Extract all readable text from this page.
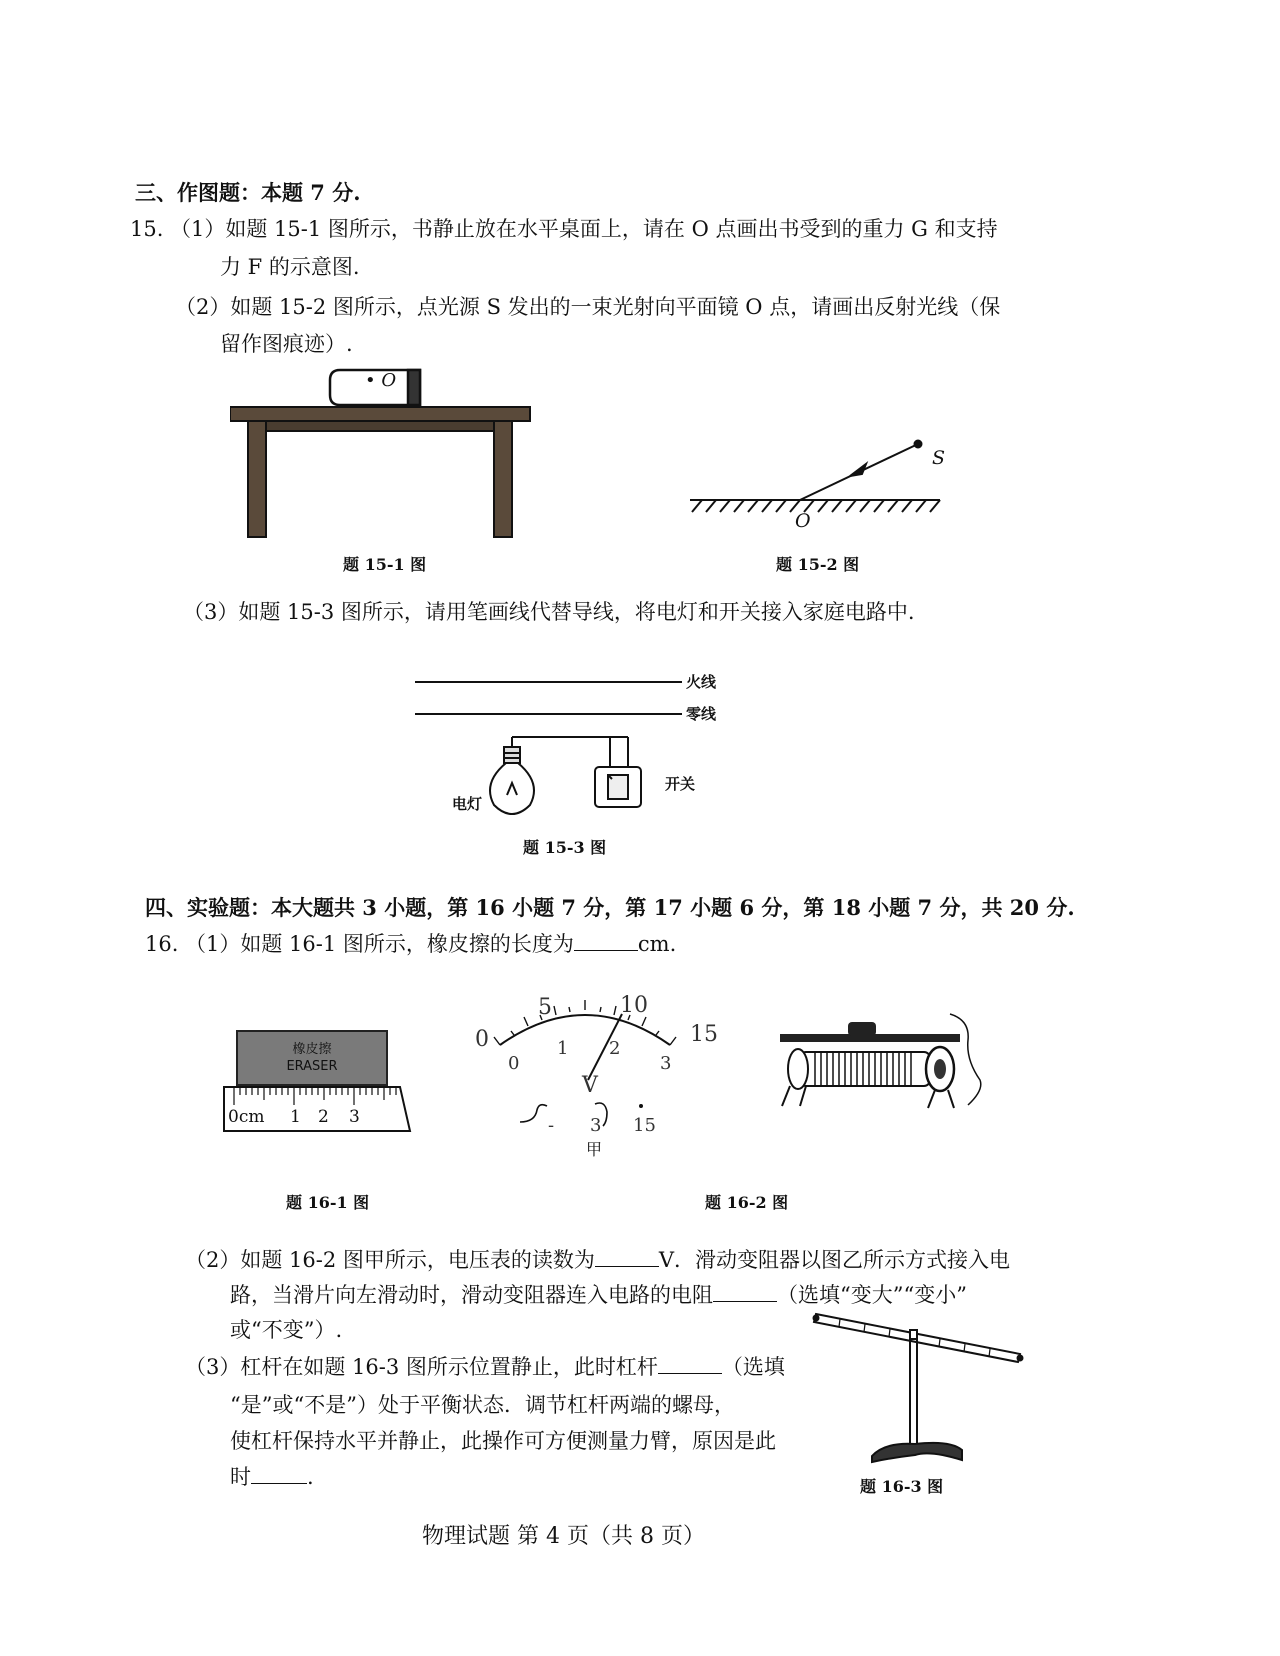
三、作图题：本题 7 分.
15. （1）如题 15-1 图所示，书静止放在水平桌面上，请在 O 点画出书受到的重力 G 和支持
力 F 的示意图.
（2）如题 15-2 图所示，点光源 S 发出的一束光射向平面镜 O 点，请画出反射光线（保
留作图痕迹）.
• O
题 15-1 图
S
O
题 15-2 图
（3）如题 15-3 图所示，请用笔画线代替导线，将电灯和开关接入家庭电路中.
火线
零线
电灯
开关
题 15-3 图
四、实验题：本大题共 3 小题，第 16 小题 7 分，第 17 小题 6 分，第 18 小题 7 分，共 20 分.
16. （1）如题 16-1 图所示，橡皮擦的长度为	cm.
橡皮擦
ERASER
0cm 1 2 3
题 16-1 图
0
5	10
15
0
1 2
3
V
- 3 15
甲
题 16-2 图
（2）如题 16-2 图甲所示，电压表的读数为	V．滑动变阻器以图乙所示方式接入电
路，当滑片向左滑动时，滑动变阻器连入电路的电阻	（选填“变大”“变小”
或“不变”）.
（3）杠杆在如题 16-3 图所示位置静止，此时杠杆	（选填
“是”或“不是”）处于平衡状态．调节杠杆两端的螺母，
使杠杆保持水平并静止，此操作可方便测量力臂，原因是此
时	.	题 16-3 图
物理试题 第 4 页（共 8 页）
